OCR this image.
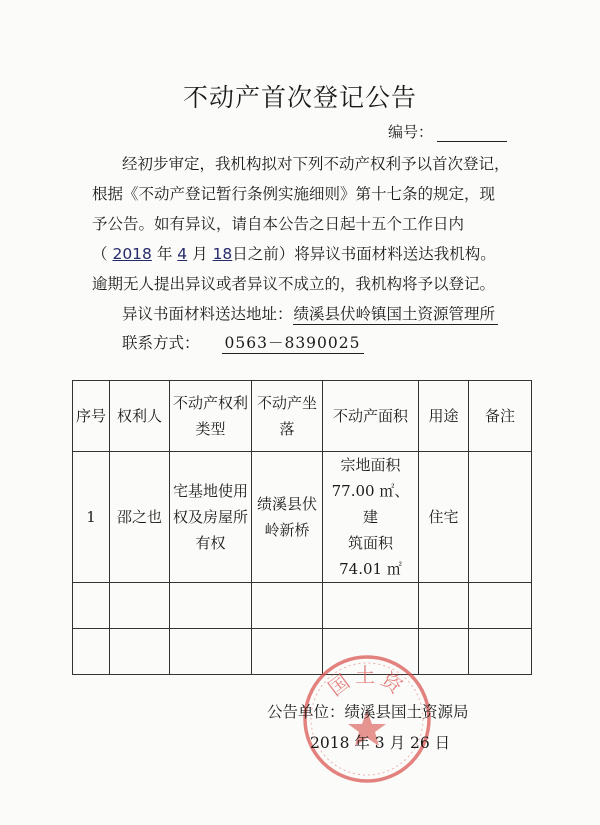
不动产首次登记公告
编号：
经初步审定，我机构拟对下列不动产权利予以首次登记，
根据《不动产登记暂行条例实施细则》第十七条的规定，现
予公告。如有异议，请自本公告之日起十五个工作日内
（ 2018 年 4 月 18日之前）将异议书面材料送达我机构。
逾期无人提出异议或者异议不成立的，我机构将予以登记。
异议书面材料送达地址：绩溪县伏岭镇国土资源管理所
联系方式： 0563－8390025
序号	权利人	不动产权利类型	不动产坐落	不动产面积	用途	备注
1	邵之也	宅基地使用权及房屋所有权	绩溪县伏岭新桥	宗地面积
77.00 ㎡、建
筑面积
74.01 ㎡	住宅	

国土资
公告单位：绩溪县国土资源局
2018 年 3 月 26 日
